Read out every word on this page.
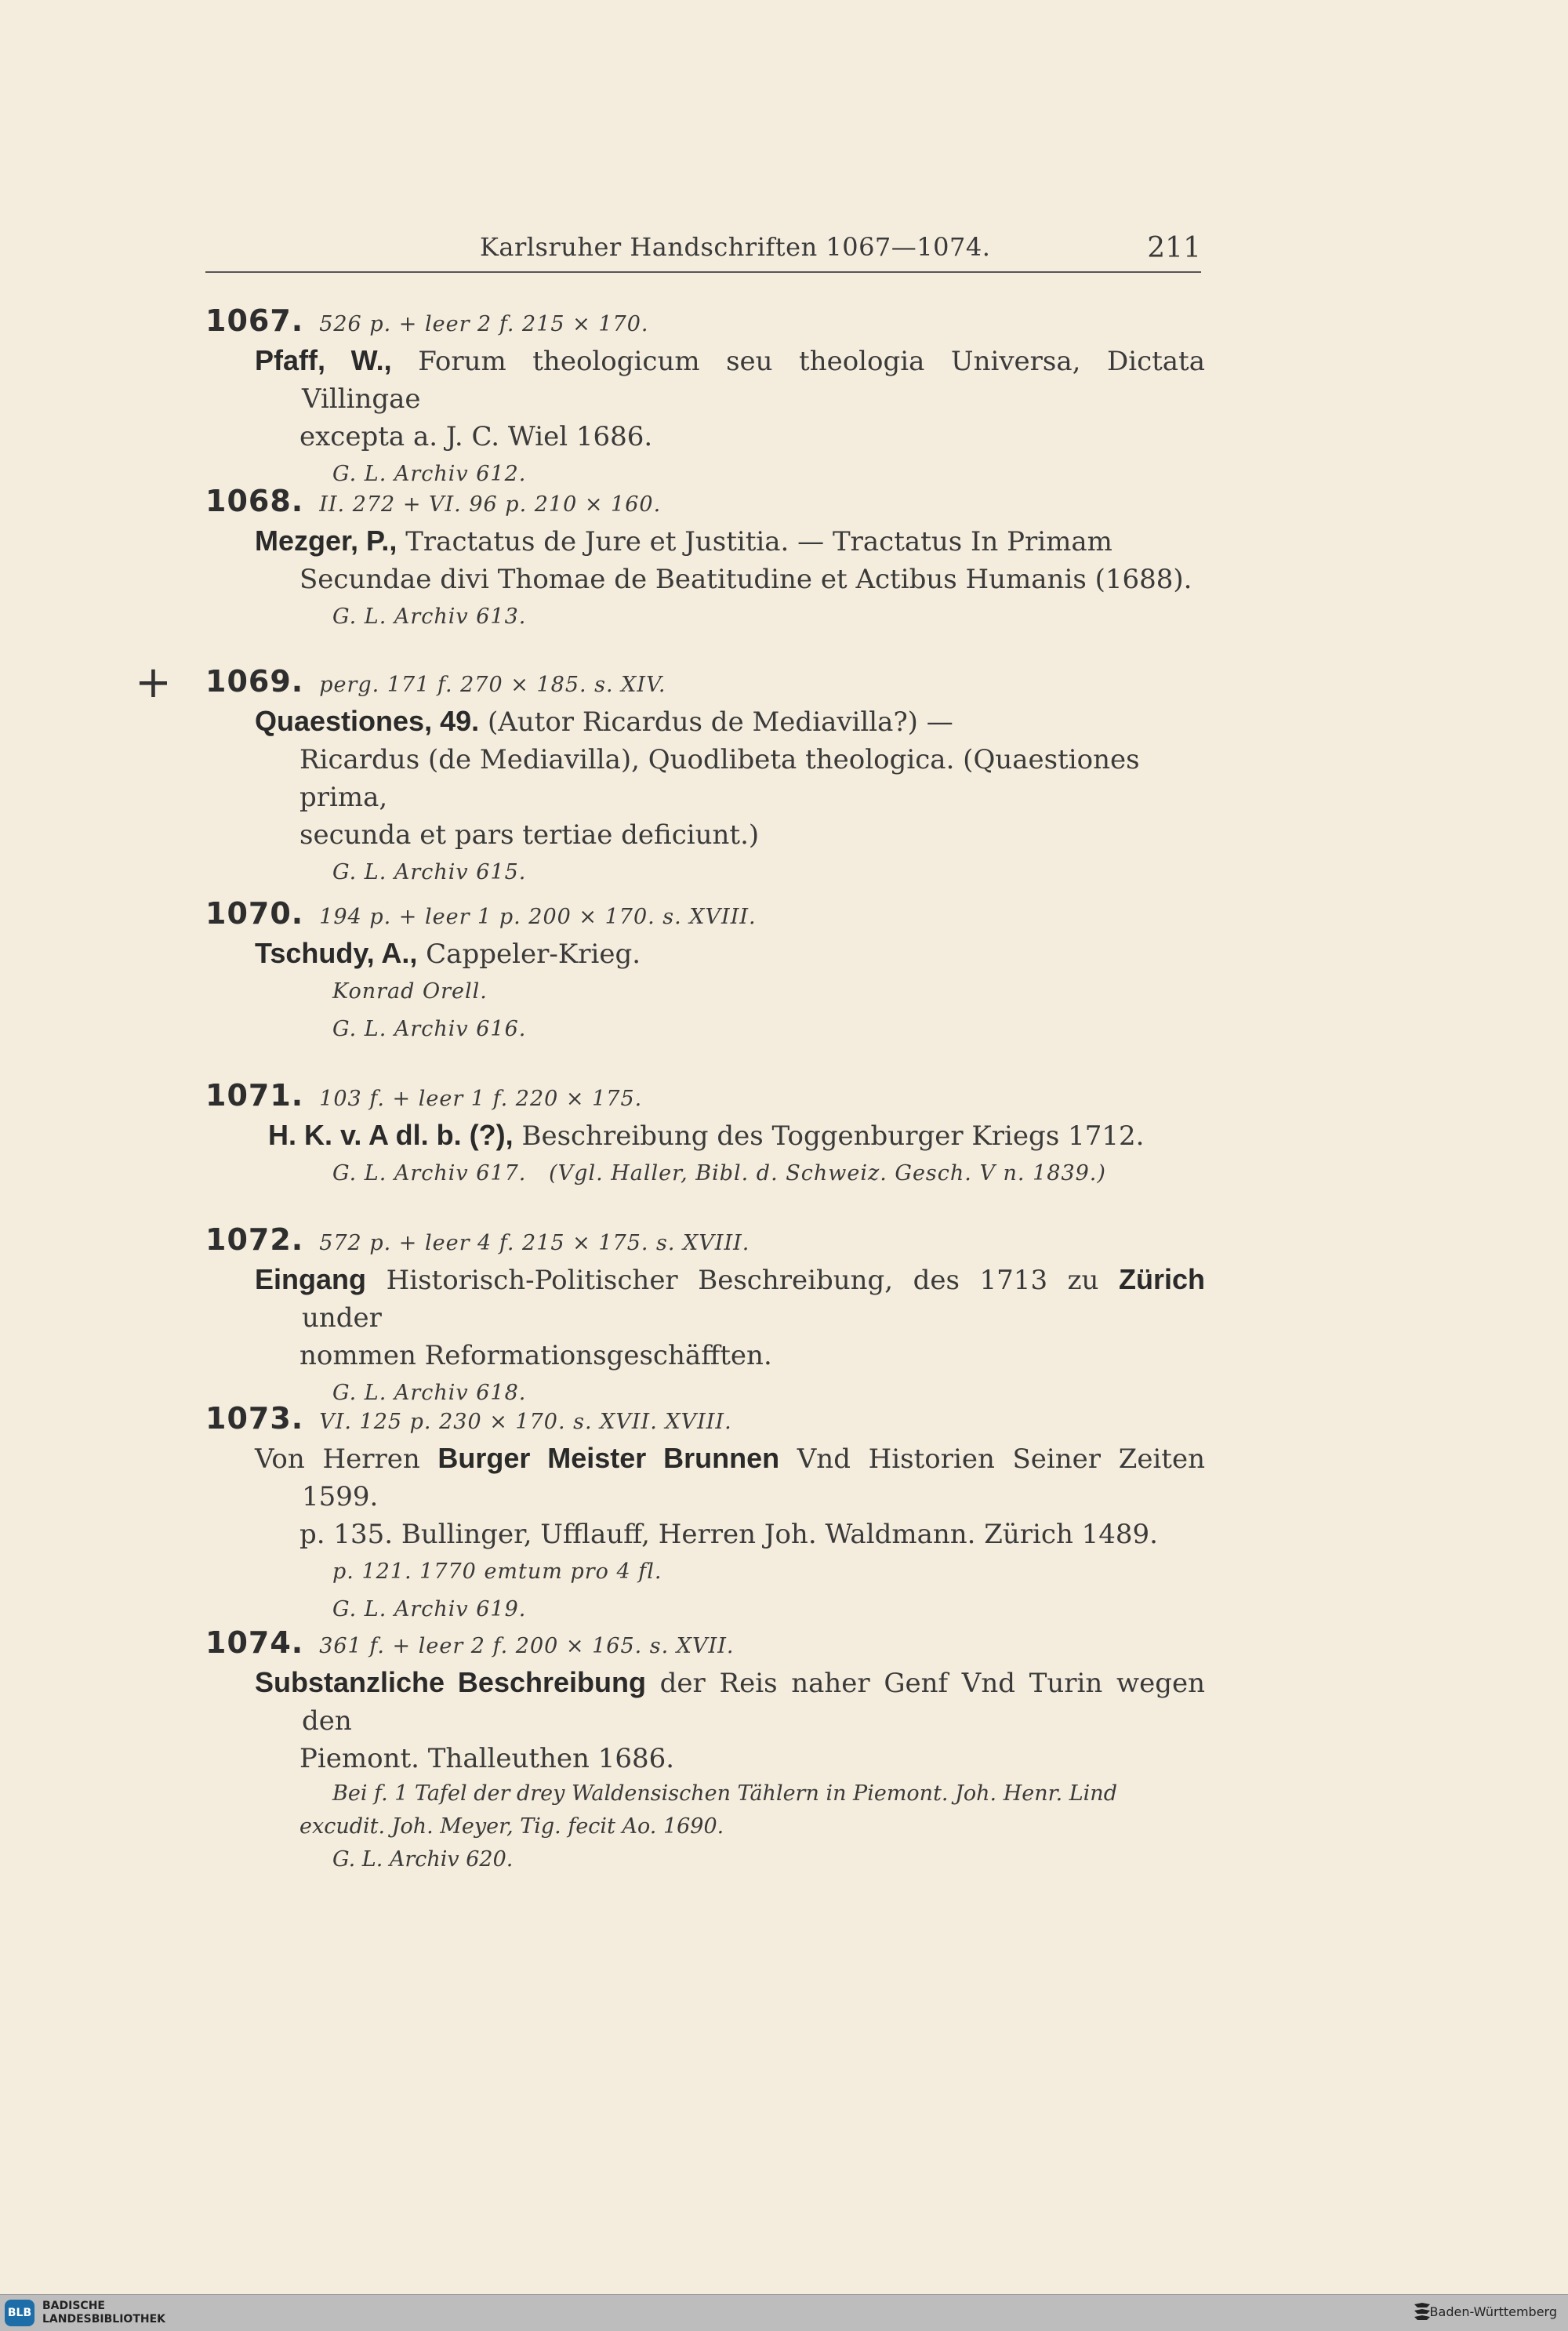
Karlsruher Handschriften 1067—1074.	211
1067. 526 p. + leer 2 f. 215 × 170.
Pfaff, W., Forum theologicum seu theologia Universa, Dictata Villingae
excepta a. J. C. Wiel 1686.
G. L. Archiv 612.
1068. II. 272 + VI. 96 p. 210 × 160.
Mezger, P., Tractatus de Jure et Justitia. — Tractatus In Primam
Secundae divi Thomae de Beatitudine et Actibus Humanis (1688).
G. L. Archiv 613.
+ 1069. perg. 171 f. 270 × 185. s. XIV.
Quaestiones, 49. (Autor Ricardus de Mediavilla?) —
Ricardus (de Mediavilla), Quodlibeta theologica. (Quaestiones prima,
secunda et pars tertiae deficiunt.)
G. L. Archiv 615.
1070. 194 p. + leer 1 p. 200 × 170. s. XVIII.
Tschudy, A., Cappeler-Krieg.
Konrad Orell.
G. L. Archiv 616.
1071. 103 f. + leer 1 f. 220 × 175.
H. K. v. A dl. b. (?), Beschreibung des Toggenburger Kriegs 1712.
G. L. Archiv 617. (Vgl. Haller, Bibl. d. Schweiz. Gesch. V n. 1839.)
1072. 572 p. + leer 4 f. 215 × 175. s. XVIII.
Eingang Historisch-Politischer Beschreibung, des 1713 zu Zürich under
nommen Reformationsgeschäfften.
G. L. Archiv 618.
1073. VI. 125 p. 230 × 170. s. XVII. XVIII.
Von Herren Burger Meister Brunnen Vnd Historien Seiner Zeiten 1599.
p. 135. Bullinger, Ufflauff, Herren Joh. Waldmann. Zürich 1489.
p. 121. 1770 emtum pro 4 fl.
G. L. Archiv 619.
1074. 361 f. + leer 2 f. 200 × 165. s. XVII.
Substanzliche Beschreibung der Reis naher Genf Vnd Turin wegen den
Piemont. Thalleuthen 1686.
Bei f. 1 Tafel der drey Waldensischen Tählern in Piemont. Joh. Henr. Lind
excudit. Joh. Meyer, Tig. fecit Ao. 1690.
G. L. Archiv 620.
BLB
BADISCHE
LANDESBIBLIOTHEK	Baden-Württemberg
